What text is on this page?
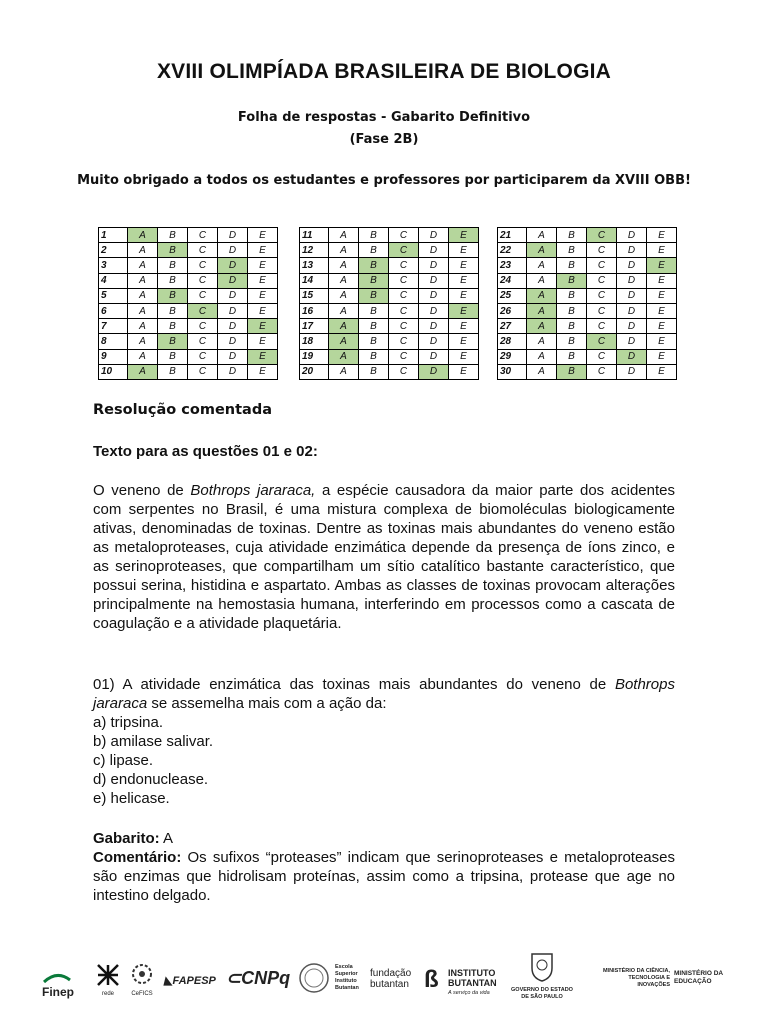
XVIII OLIMPÍADA BRASILEIRA DE BIOLOGIA
Folha de respostas - Gabarito Definitivo
(Fase 2B)
Muito obrigado a todos os estudantes e professores por participarem da XVIII OBB!
1	A	B	C	D	E
2	A	B	C	D	E
3	A	B	C	D	E
4	A	B	C	D	E
5	A	B	C	D	E
6	A	B	C	D	E
7	A	B	C	D	E
8	A	B	C	D	E
9	A	B	C	D	E
10	A	B	C	D	E
11	A	B	C	D	E
12	A	B	C	D	E
13	A	B	C	D	E
14	A	B	C	D	E
15	A	B	C	D	E
16	A	B	C	D	E
17	A	B	C	D	E
18	A	B	C	D	E
19	A	B	C	D	E
20	A	B	C	D	E
21	A	B	C	D	E
22	A	B	C	D	E
23	A	B	C	D	E
24	A	B	C	D	E
25	A	B	C	D	E
26	A	B	C	D	E
27	A	B	C	D	E
28	A	B	C	D	E
29	A	B	C	D	E
30	A	B	C	D	E
Resolução comentada
Texto para as questões 01 e 02:
O veneno de Bothrops jararaca, a espécie causadora da maior parte dos acidentes com serpentes no Brasil, é uma mistura complexa de biomoléculas biologicamente ativas, denominadas de toxinas. Dentre as toxinas mais abundantes do veneno estão as metaloproteases, cuja atividade enzimática depende da presença de íons zinco, e as serinoproteases, que compartilham um sítio catalítico bastante característico, que possui serina, histidina e aspartato. Ambas as classes de toxinas provocam alterações principalmente na hemostasia humana, interferindo em processos como a cascata de coagulação e a atividade plaquetária.
01) A atividade enzimática das toxinas mais abundantes do veneno de Bothrops jararaca se assemelha mais com a ação da:
a) tripsina.
b) amilase salivar.
c) lipase.
d) endonuclease.
e) helicase.
Gabarito: A
Comentário: Os sufixos “proteases” indicam que serinoproteases e metaloproteases são enzimas que hidrolisam proteínas, assim como a tripsina, protease que age no intestino delgado.
Finep	rede	CeFICS
◣FAPESP ⊂CNPq
Escola Superior Instituto Butantan
fundação butantan ß INSTITUTO BUTANTAN
A serviço da vida	GOVERNO DO ESTADO DE SÃO PAULO
MINISTÉRIO DA CIÊNCIA, TECNOLOGIA E INOVAÇÕES
MINISTÉRIO DA EDUCAÇÃO
